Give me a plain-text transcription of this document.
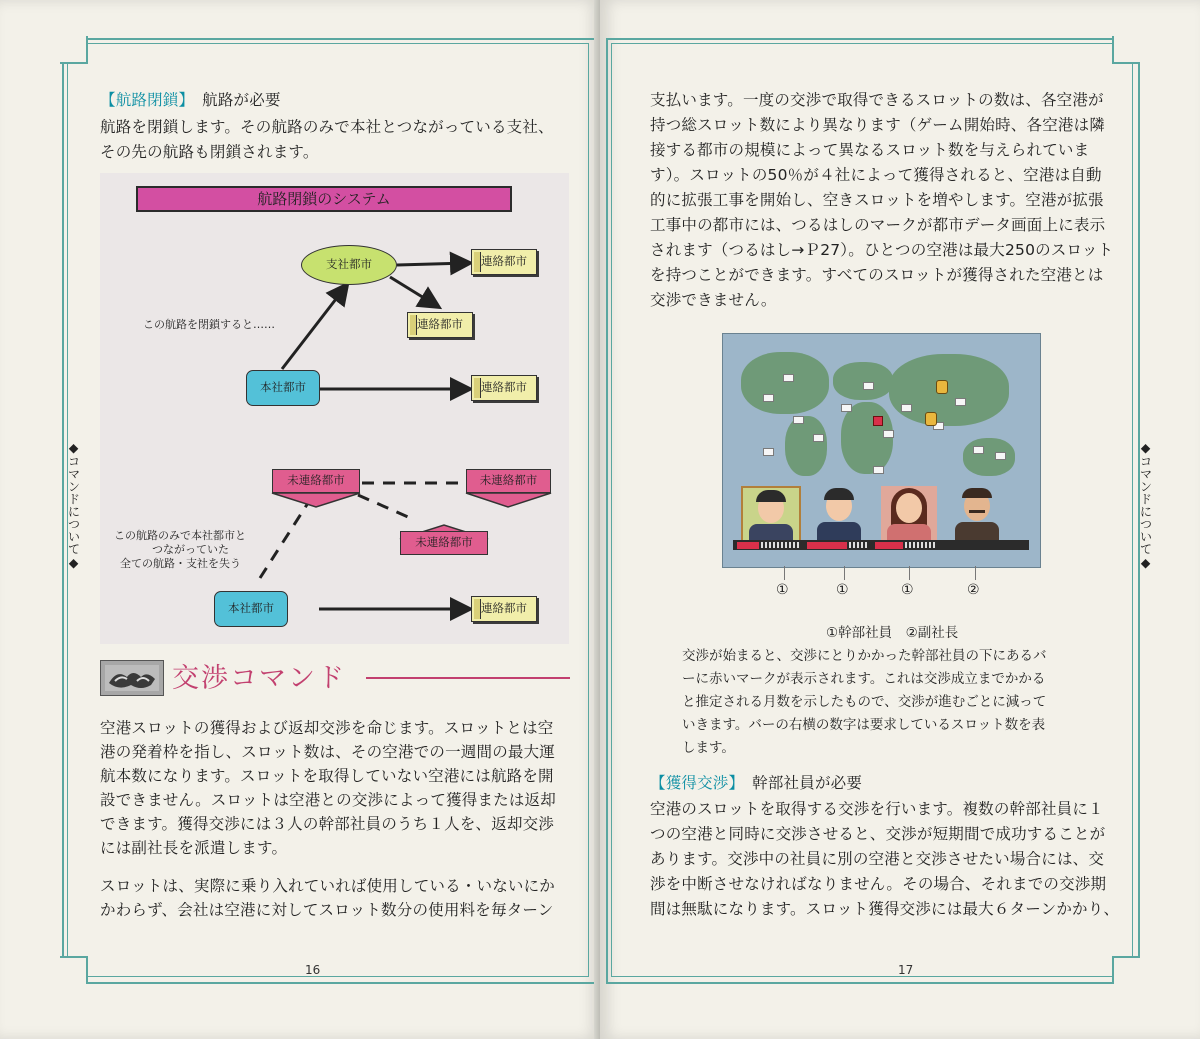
【航路閉鎖】　 航路が必要
航路を閉鎖します。その航路のみで本社とつながっている支社、
その先の航路も閉鎖されます。
航路閉鎖のシステム
支社都市	連絡都市
連絡都市
本社都市	連絡都市
この航路を閉鎖すると……
未連絡都市	未連絡都市
未連絡都市
この航路のみで本社都市と
つながっていた
全ての航路・支社を失う
本社都市	連絡都市
交渉コマンド
空港スロットの獲得および返却交渉を命じます。スロットとは空
港の発着枠を指し、スロット数は、その空港での一週間の最大運
航本数になります。スロットを取得していない空港には航路を開
設できません。スロットは空港との交渉によって獲得または返却
できます。獲得交渉には３人の幹部社員のうち１人を、返却交渉
には副社長を派遣します。
スロットは、実際に乗り入れていれば使用している・いないにか
かわらず、会社は空港に対してスロット数分の使用料を毎ターン
16
◆コマンドについて◆
支払います。一度の交渉で取得できるスロットの数は、各空港が
持つ総スロット数により異なります（ゲーム開始時、各空港は隣
接する都市の規模によって異なるスロット数を与えられていま
す）。スロットの50％が４社によって獲得されると、空港は自動
的に拡張工事を開始し、空きスロットを増やします。空港が拡張
工事中の都市には、つるはしのマークが都市データ画面上に表示
されます（つるはし→Ｐ27）。ひとつの空港は最大250のスロット
を持つことができます。すべてのスロットが獲得された空港とは
交渉できません。
17
◆コマンドについて◆
①	①	①	②
①幹部社員　②副社長
交渉が始まると、交渉にとりかかった幹部社員の下にあるバ
ーに赤いマークが表示されます。これは交渉成立までかかる
と推定される月数を示したもので、交渉が進むごとに減って
いきます。バーの右横の数字は要求しているスロット数を表
します。
【獲得交渉】　 幹部社員が必要
空港のスロットを取得する交渉を行います。複数の幹部社員に１
つの空港と同時に交渉させると、交渉が短期間で成功することが
あります。交渉中の社員に別の空港と交渉させたい場合には、交
渉を中断させなければなりません。その場合、それまでの交渉期
間は無駄になります。スロット獲得交渉には最大６ターンかかり、
